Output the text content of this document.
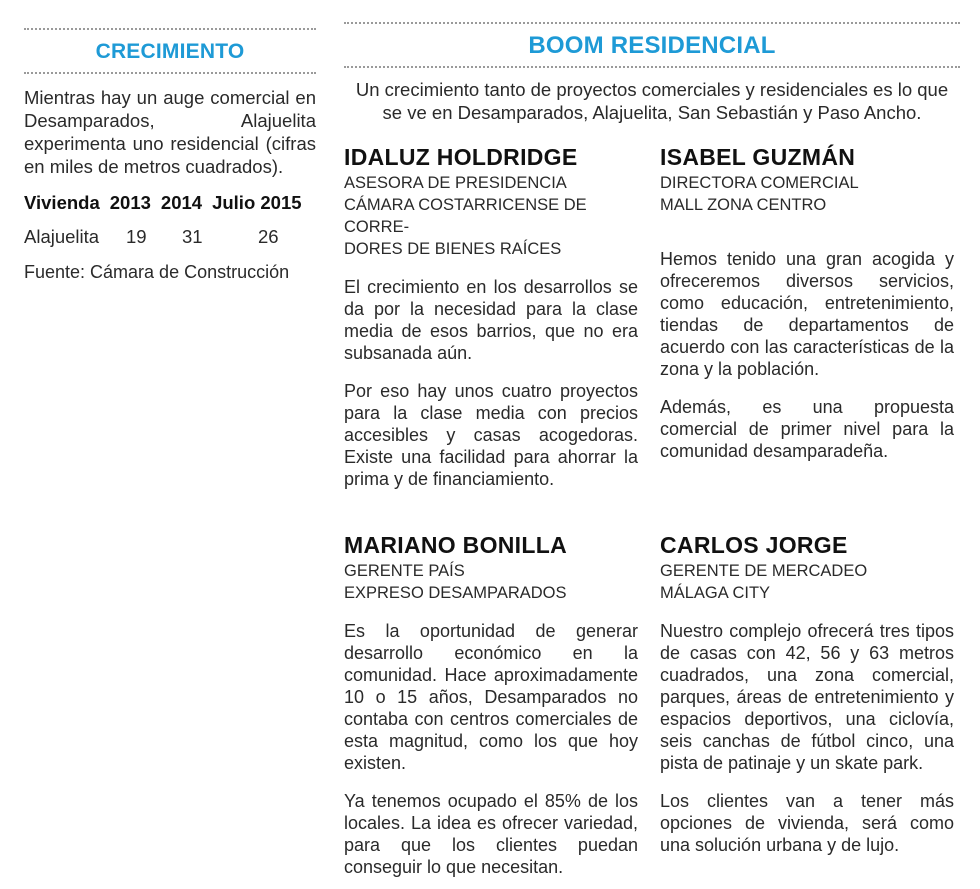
CRECIMIENTO

Mientras hay un auge comercial en Desamparados, Alajuelita experimenta uno residencial (cifras en miles de metros cuadrados).

Vivienda 2013 2014 Julio 2015
Alajuelita	19	31	26
Fuente: Cámara de Construcción
BOOM RESIDENCIAL
Un crecimiento tanto de proyectos comerciales y residenciales es lo que se ve en Desamparados, Alajuelita, San Sebastián y Paso Ancho.
IDALUZ HOLDRIDGE
ASESORA DE PRESIDENCIA
CÁMARA COSTARRICENSE DE CORRE-
DORES DE BIENES RAÍCES

El crecimiento en los desarrollos se da por la necesidad para la clase media de esos barrios, que no era subsanada aún.

Por eso hay unos cuatro proyectos para la clase media con precios accesibles y casas acogedoras. Existe una facilidad para ahorrar la prima y de financiamiento.

ISABEL GUZMÁN
DIRECTORA COMERCIAL
MALL ZONA CENTRO

Hemos tenido una gran acogida y ofreceremos diversos servicios, como educación, entretenimiento, tiendas de departamentos de acuerdo con las características de la zona y la población.

Además, es una propuesta comercial de primer nivel para la comunidad desamparadeña.

MARIANO BONILLA
GERENTE PAÍS
EXPRESO DESAMPARADOS

Es la oportunidad de generar desarrollo económico en la comunidad. Hace aproximadamente 10 o 15 años, Desamparados no contaba con centros comerciales de esta magnitud, como los que hoy existen.

Ya tenemos ocupado el 85% de los locales. La idea es ofrecer variedad, para que los clientes puedan conseguir lo que necesitan.

CARLOS JORGE
GERENTE DE MERCADEO
MÁLAGA CITY

Nuestro complejo ofrecerá tres tipos de casas con 42, 56 y 63 metros cuadrados, una zona comercial, parques, áreas de entretenimiento y espacios deportivos, una ciclovía, seis canchas de fútbol cinco, una pista de patinaje y un skate park.

Los clientes van a tener más opciones de vivienda, será como una solución urbana y de lujo.
